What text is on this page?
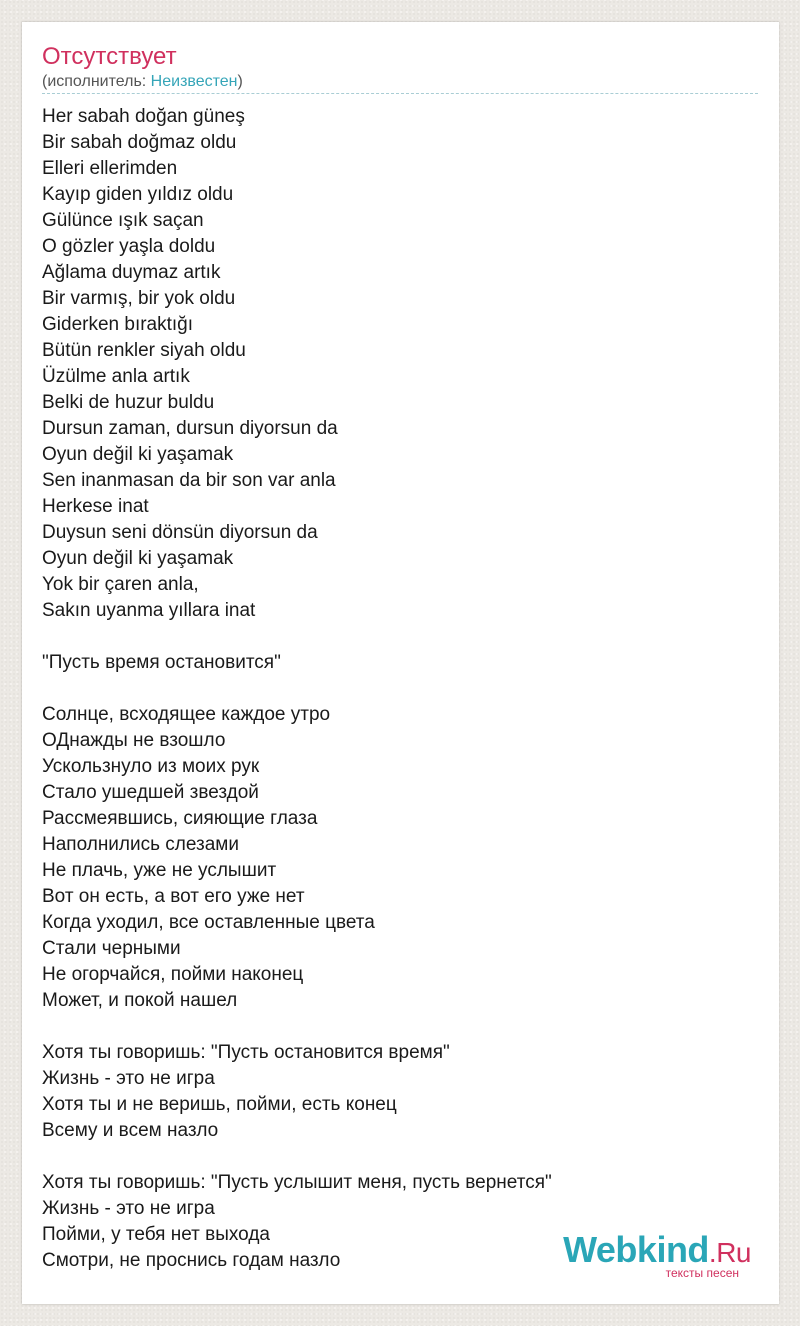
Отсутствует
(исполнитель: Неизвестен)
Her sabah doğan güneş
Bir sabah doğmaz oldu
Elleri ellerimden
Kayıp giden yıldız oldu
Gülünce ışık saçan
O gözler yaşla doldu
Ağlama duymaz artık
Bir varmış, bir yok oldu
Giderken bıraktığı
Bütün renkler siyah oldu
Üzülme anla artık
Belki de huzur buldu
Dursun zaman, dursun diyorsun da
Oyun değil ki yaşamak
Sen inanmasan da bir son var anla
Herkese inat
Duysun seni dönsün diyorsun da
Oyun değil ki yaşamak
Yok bir çaren anla,
Sakın uyanma yıllara inat
"Пусть время остановится"
Солнце, всходящее каждое утро
ОДнажды не взошло
Ускользнуло из моих рук
Стало ушедшей звездой
Рассмеявшись, сияющие глаза
Наполнились слезами
Не плачь, уже не услышит
Вот он есть, а вот его уже нет
Когда уходил, все оставленные цвета
Стали черными
Не огорчайся, пойми наконец
Может, и покой нашел
Хотя ты говоришь: "Пусть остановится время"
Жизнь - это не игра
Хотя ты и не веришь, пойми, есть конец
Всему и всем назло
Хотя ты говоришь: "Пусть услышит меня, пусть вернется"
Жизнь - это не игра
Пойми, у тебя нет выхода
Смотри, не проснись годам назло	Webkind.Ru
тексты песен
